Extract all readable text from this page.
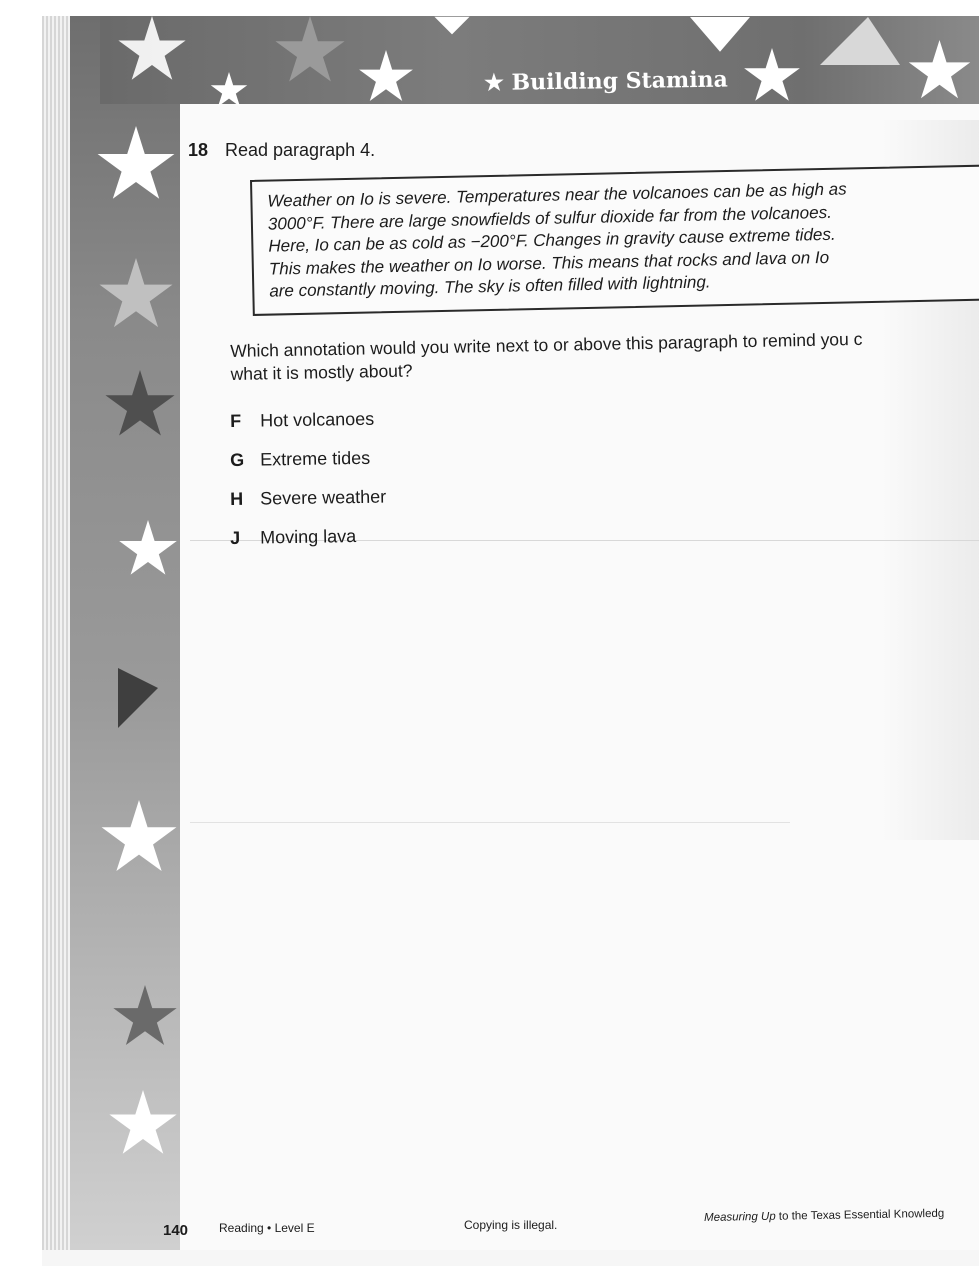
★ Building Stamina
18 Read paragraph 4.
Weather on Io is severe. Temperatures near the volcanoes can be as high as
3000°F. There are large snowfields of sulfur dioxide far from the volcanoes.
Here, Io can be as cold as −200°F. Changes in gravity cause extreme tides.
This makes the weather on Io worse. This means that rocks and lava on Io
are constantly moving. The sky is often filled with lightning.
Which annotation would you write next to or above this paragraph to remind you c
what it is mostly about?
F Hot volcanoes
G Extreme tides
H Severe weather
J Moving lava
140	Reading • Level E	Copying is illegal.
Measuring Up to the Texas Essential Knowledg
